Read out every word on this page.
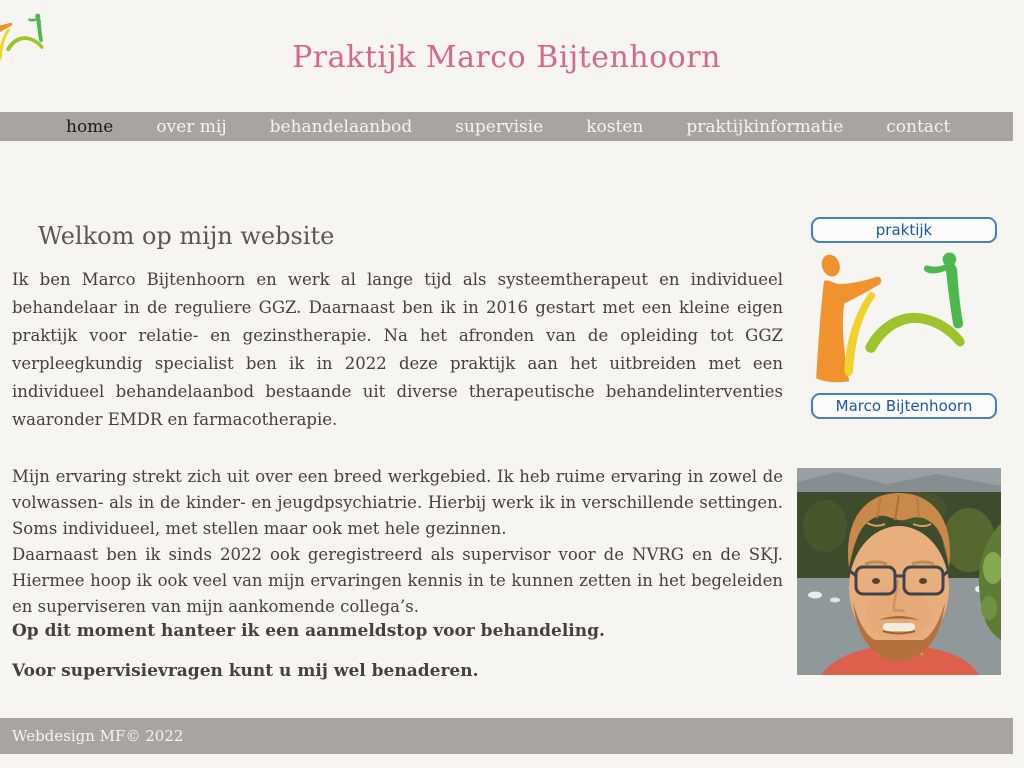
Praktijk Marco Bijtenhoorn
home	over mij	behandelaanbod	supervisie	kosten	praktijkinformatie	contact
Welkom op mijn website

Ik ben Marco Bijtenhoorn en werk al lange tijd als systeemtherapeut en individueel behandelaar in de reguliere GGZ. Daarnaast ben ik in 2016 gestart met een kleine eigen praktijk voor relatie- en gezinstherapie. Na het afronden van de opleiding tot GGZ verpleegkundig specialist ben ik in 2022 deze praktijk aan het uitbreiden met een individueel behandelaanbod bestaande uit diverse therapeutische behandelinterventies waaronder EMDR en farmacotherapie.

Mijn ervaring strekt zich uit over een breed werkgebied. Ik heb ruime ervaring in zowel de volwassen- als in de kinder- en jeugdpsychiatrie. Hierbij werk ik in verschillende settingen. Soms individueel, met stellen maar ook met hele gezinnen.
Daarnaast ben ik sinds 2022 ook geregistreerd als supervisor voor de NVRG en de SKJ. Hiermee hoop ik ook veel van mijn ervaringen kennis in te kunnen zetten in het begeleiden en superviseren van mijn aankomende collega’s.

Op dit moment hanteer ik een aanmeldstop voor behandeling.

Voor supervisievragen kunt u mij wel benaderen.

praktijk
Marco Bijtenhoorn
Webdesign MF© 2022
